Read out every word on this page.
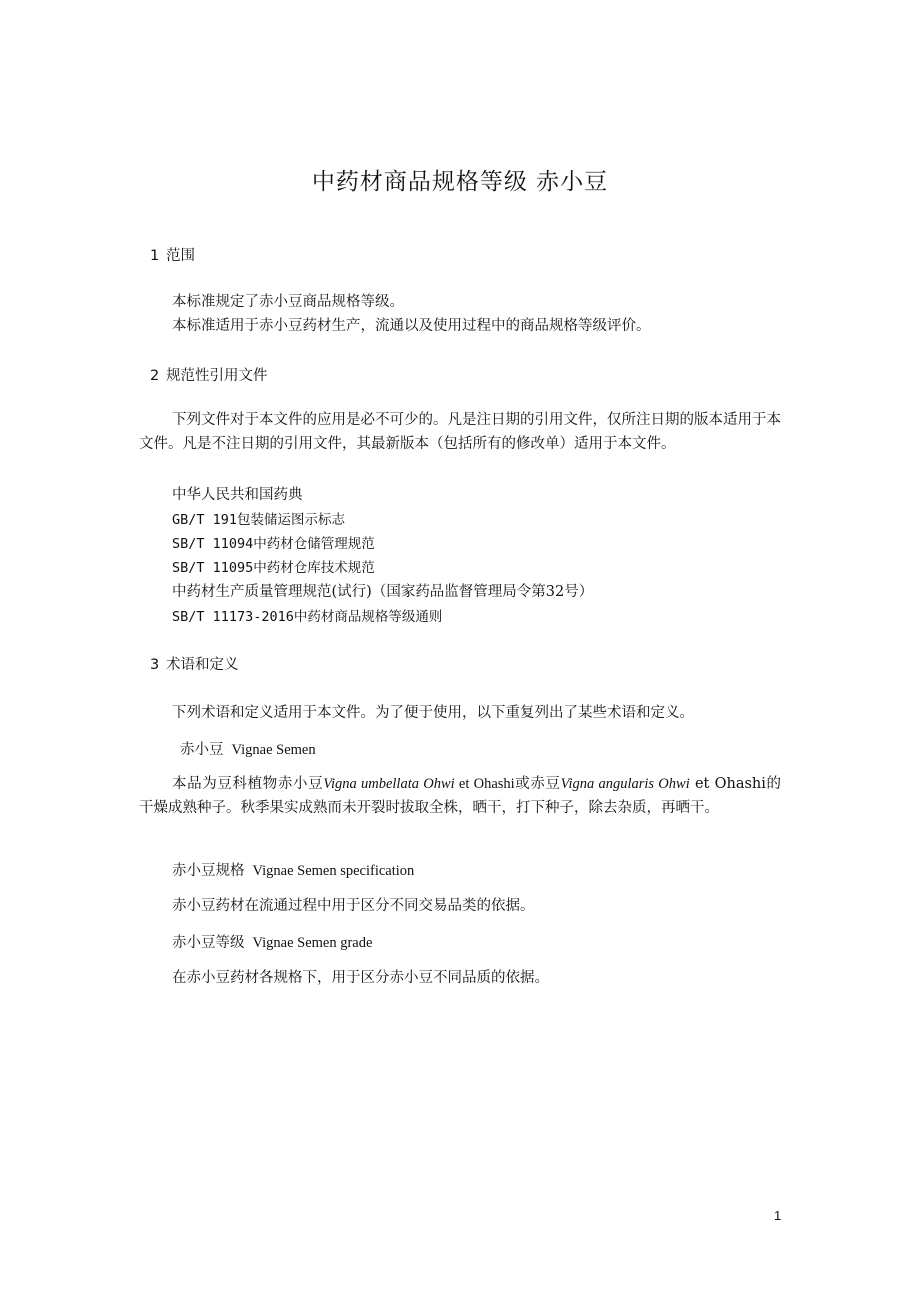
中药材商品规格等级 赤小豆
1 范围
本标准规定了赤小豆商品规格等级。
本标准适用于赤小豆药材生产，流通以及使用过程中的商品规格等级评价。
2 规范性引用文件
下列文件对于本文件的应用是必不可少的。凡是注日期的引用文件，仅所注日期的版本适用于本文件。凡是不注日期的引用文件，其最新版本（包括所有的修改单）适用于本文件。
中华人民共和国药典
GB/T 191包装储运图示标志
SB/T 11094中药材仓储管理规范
SB/T 11095中药材仓库技术规范
中药材生产质量管理规范(试行)（国家药品监督管理局令第32号）
SB/T 11173-2016中药材商品规格等级通则
3 术语和定义
下列术语和定义适用于本文件。为了便于使用，以下重复列出了某些术语和定义。
赤小豆 Vignae Semen
本品为豆科植物赤小豆Vigna umbellata Ohwi et Ohashi或赤豆Vigna angularis Ohwi et Ohashi的干燥成熟种子。秋季果实成熟而未开裂时拔取全株，晒干，打下种子，除去杂质，再晒干。
赤小豆规格 Vignae Semen specification
赤小豆药材在流通过程中用于区分不同交易品类的依据。
赤小豆等级 Vignae Semen grade
在赤小豆药材各规格下，用于区分赤小豆不同品质的依据。
1
